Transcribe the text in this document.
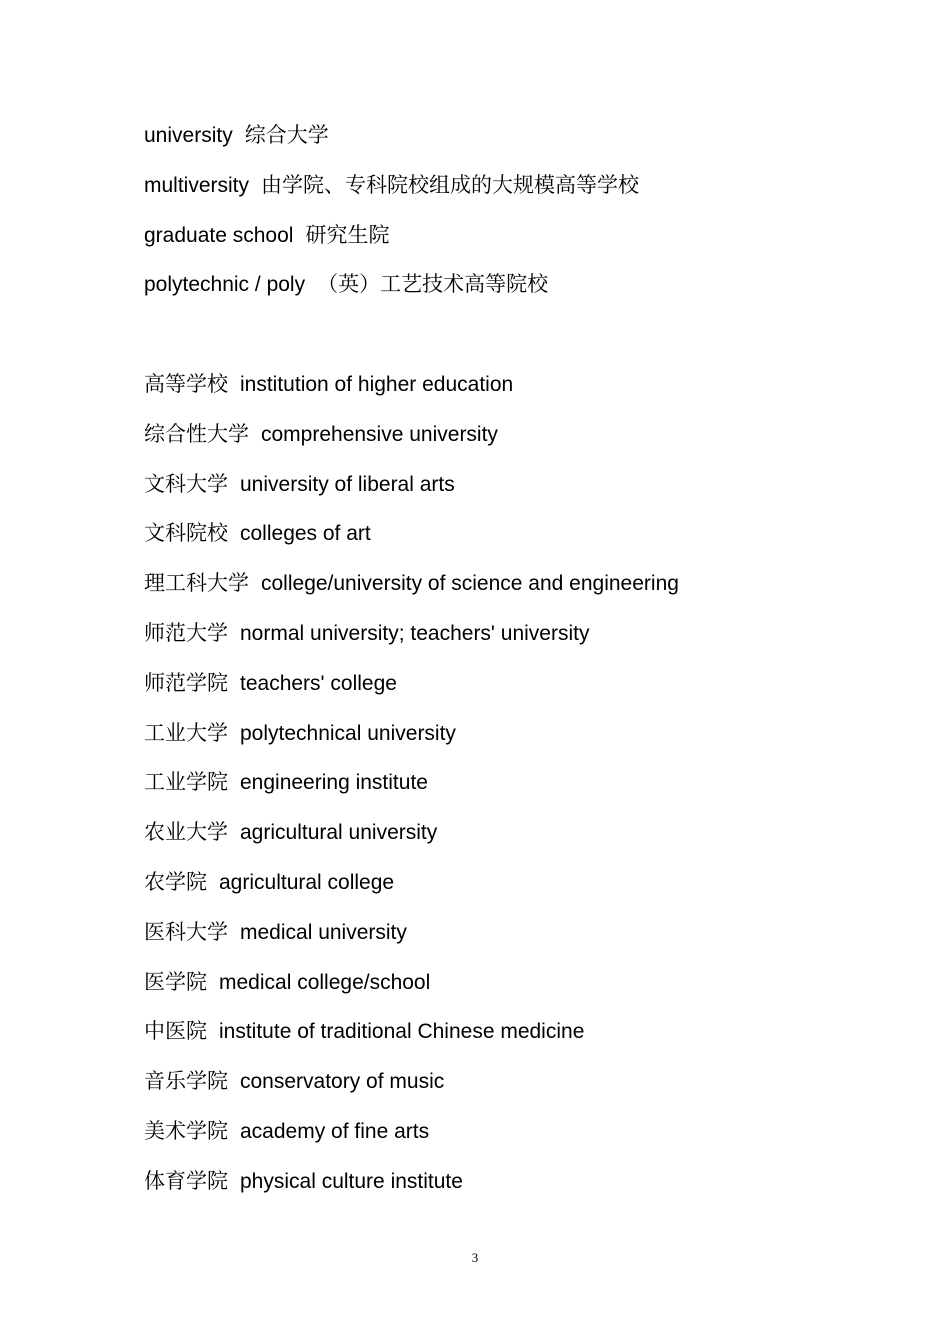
university 综合大学
multiversity 由学院、专科院校组成的大规模高等学校
graduate school 研究生院
polytechnic / poly （英）工艺技术高等院校
高等学校 institution of higher education
综合性大学 comprehensive university
文科大学 university of liberal arts
文科院校 colleges of art
理工科大学 college/university of science and engineering
师范大学 normal university; teachers' university
师范学院 teachers' college
工业大学 polytechnical university
工业学院 engineering institute
农业大学 agricultural university
农学院 agricultural college
医科大学 medical university
医学院 medical college/school
中医院 institute of traditional Chinese medicine
音乐学院 conservatory of music
美术学院 academy of fine arts
体育学院 physical culture institute
3
